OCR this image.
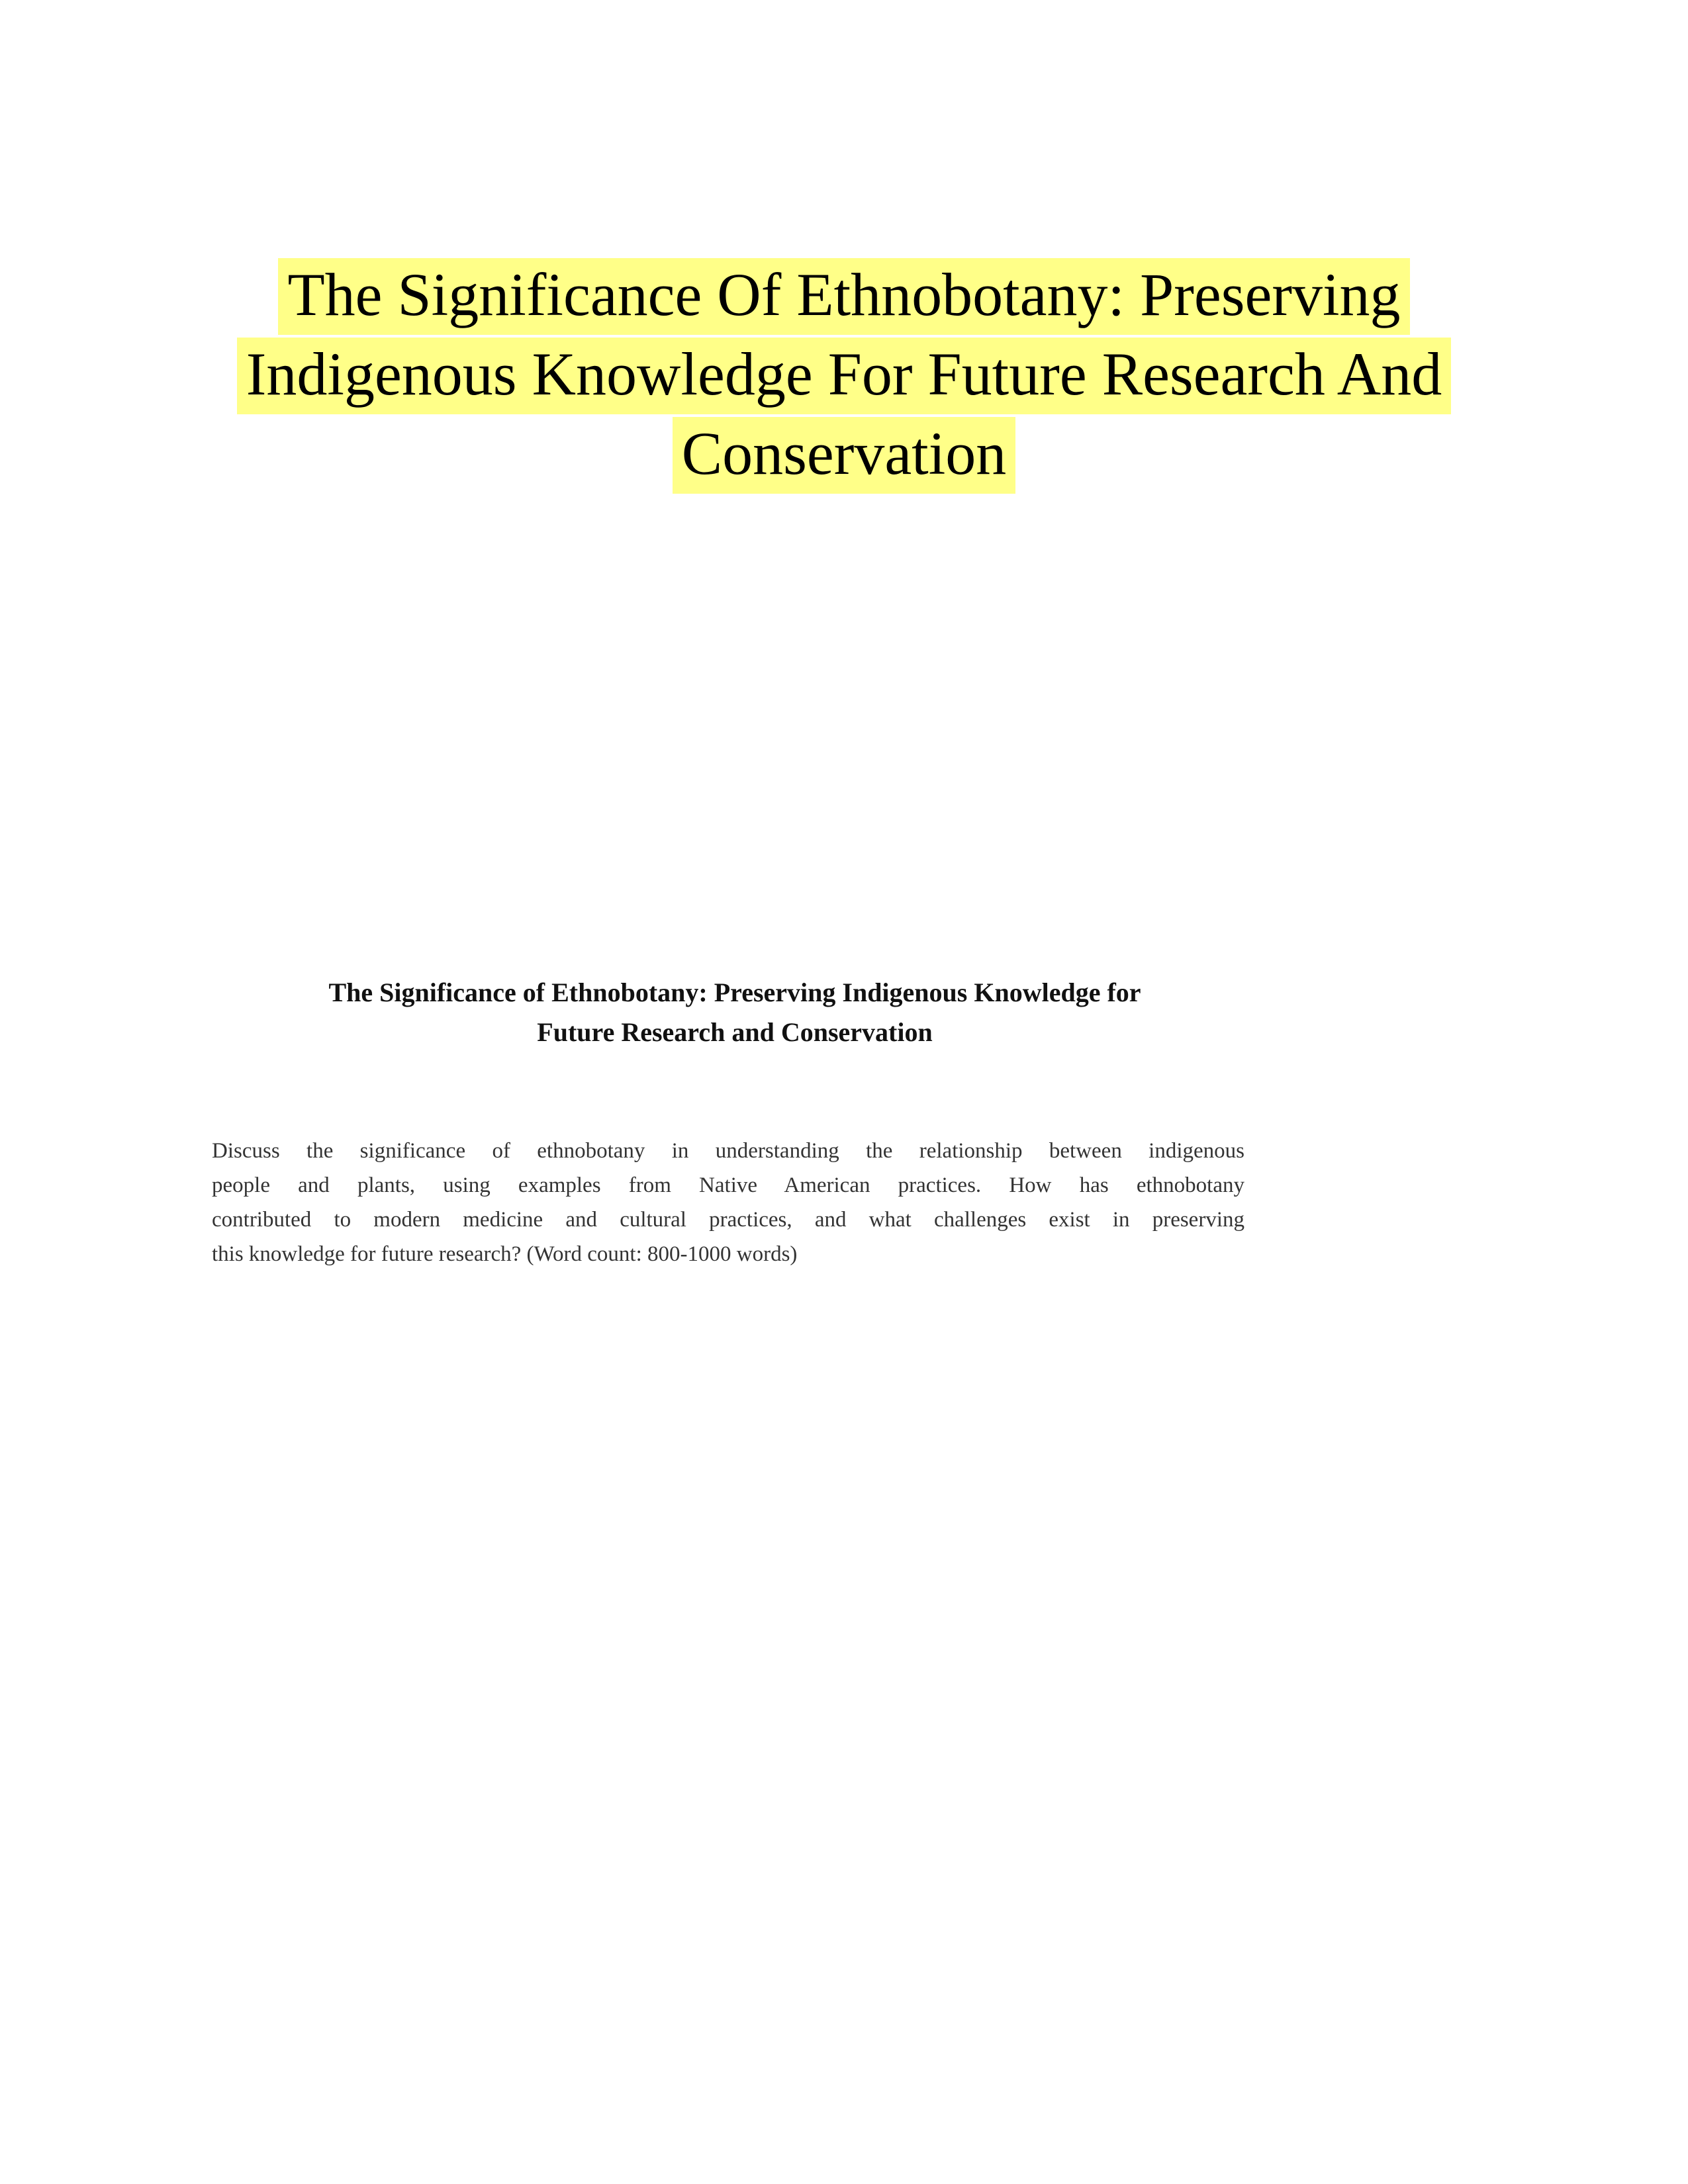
The Significance Of Ethnobotany: Preserving
Indigenous Knowledge For Future Research And
Conservation
The Significance of Ethnobotany: Preserving Indigenous Knowledge for
Future Research and Conservation

Discuss the significance of ethnobotany in understanding the relationship between indigenous
people and plants, using examples from Native American practices. How has ethnobotany
contributed to modern medicine and cultural practices, and what challenges exist in preserving
this knowledge for future research? (Word count: 800-1000 words)
